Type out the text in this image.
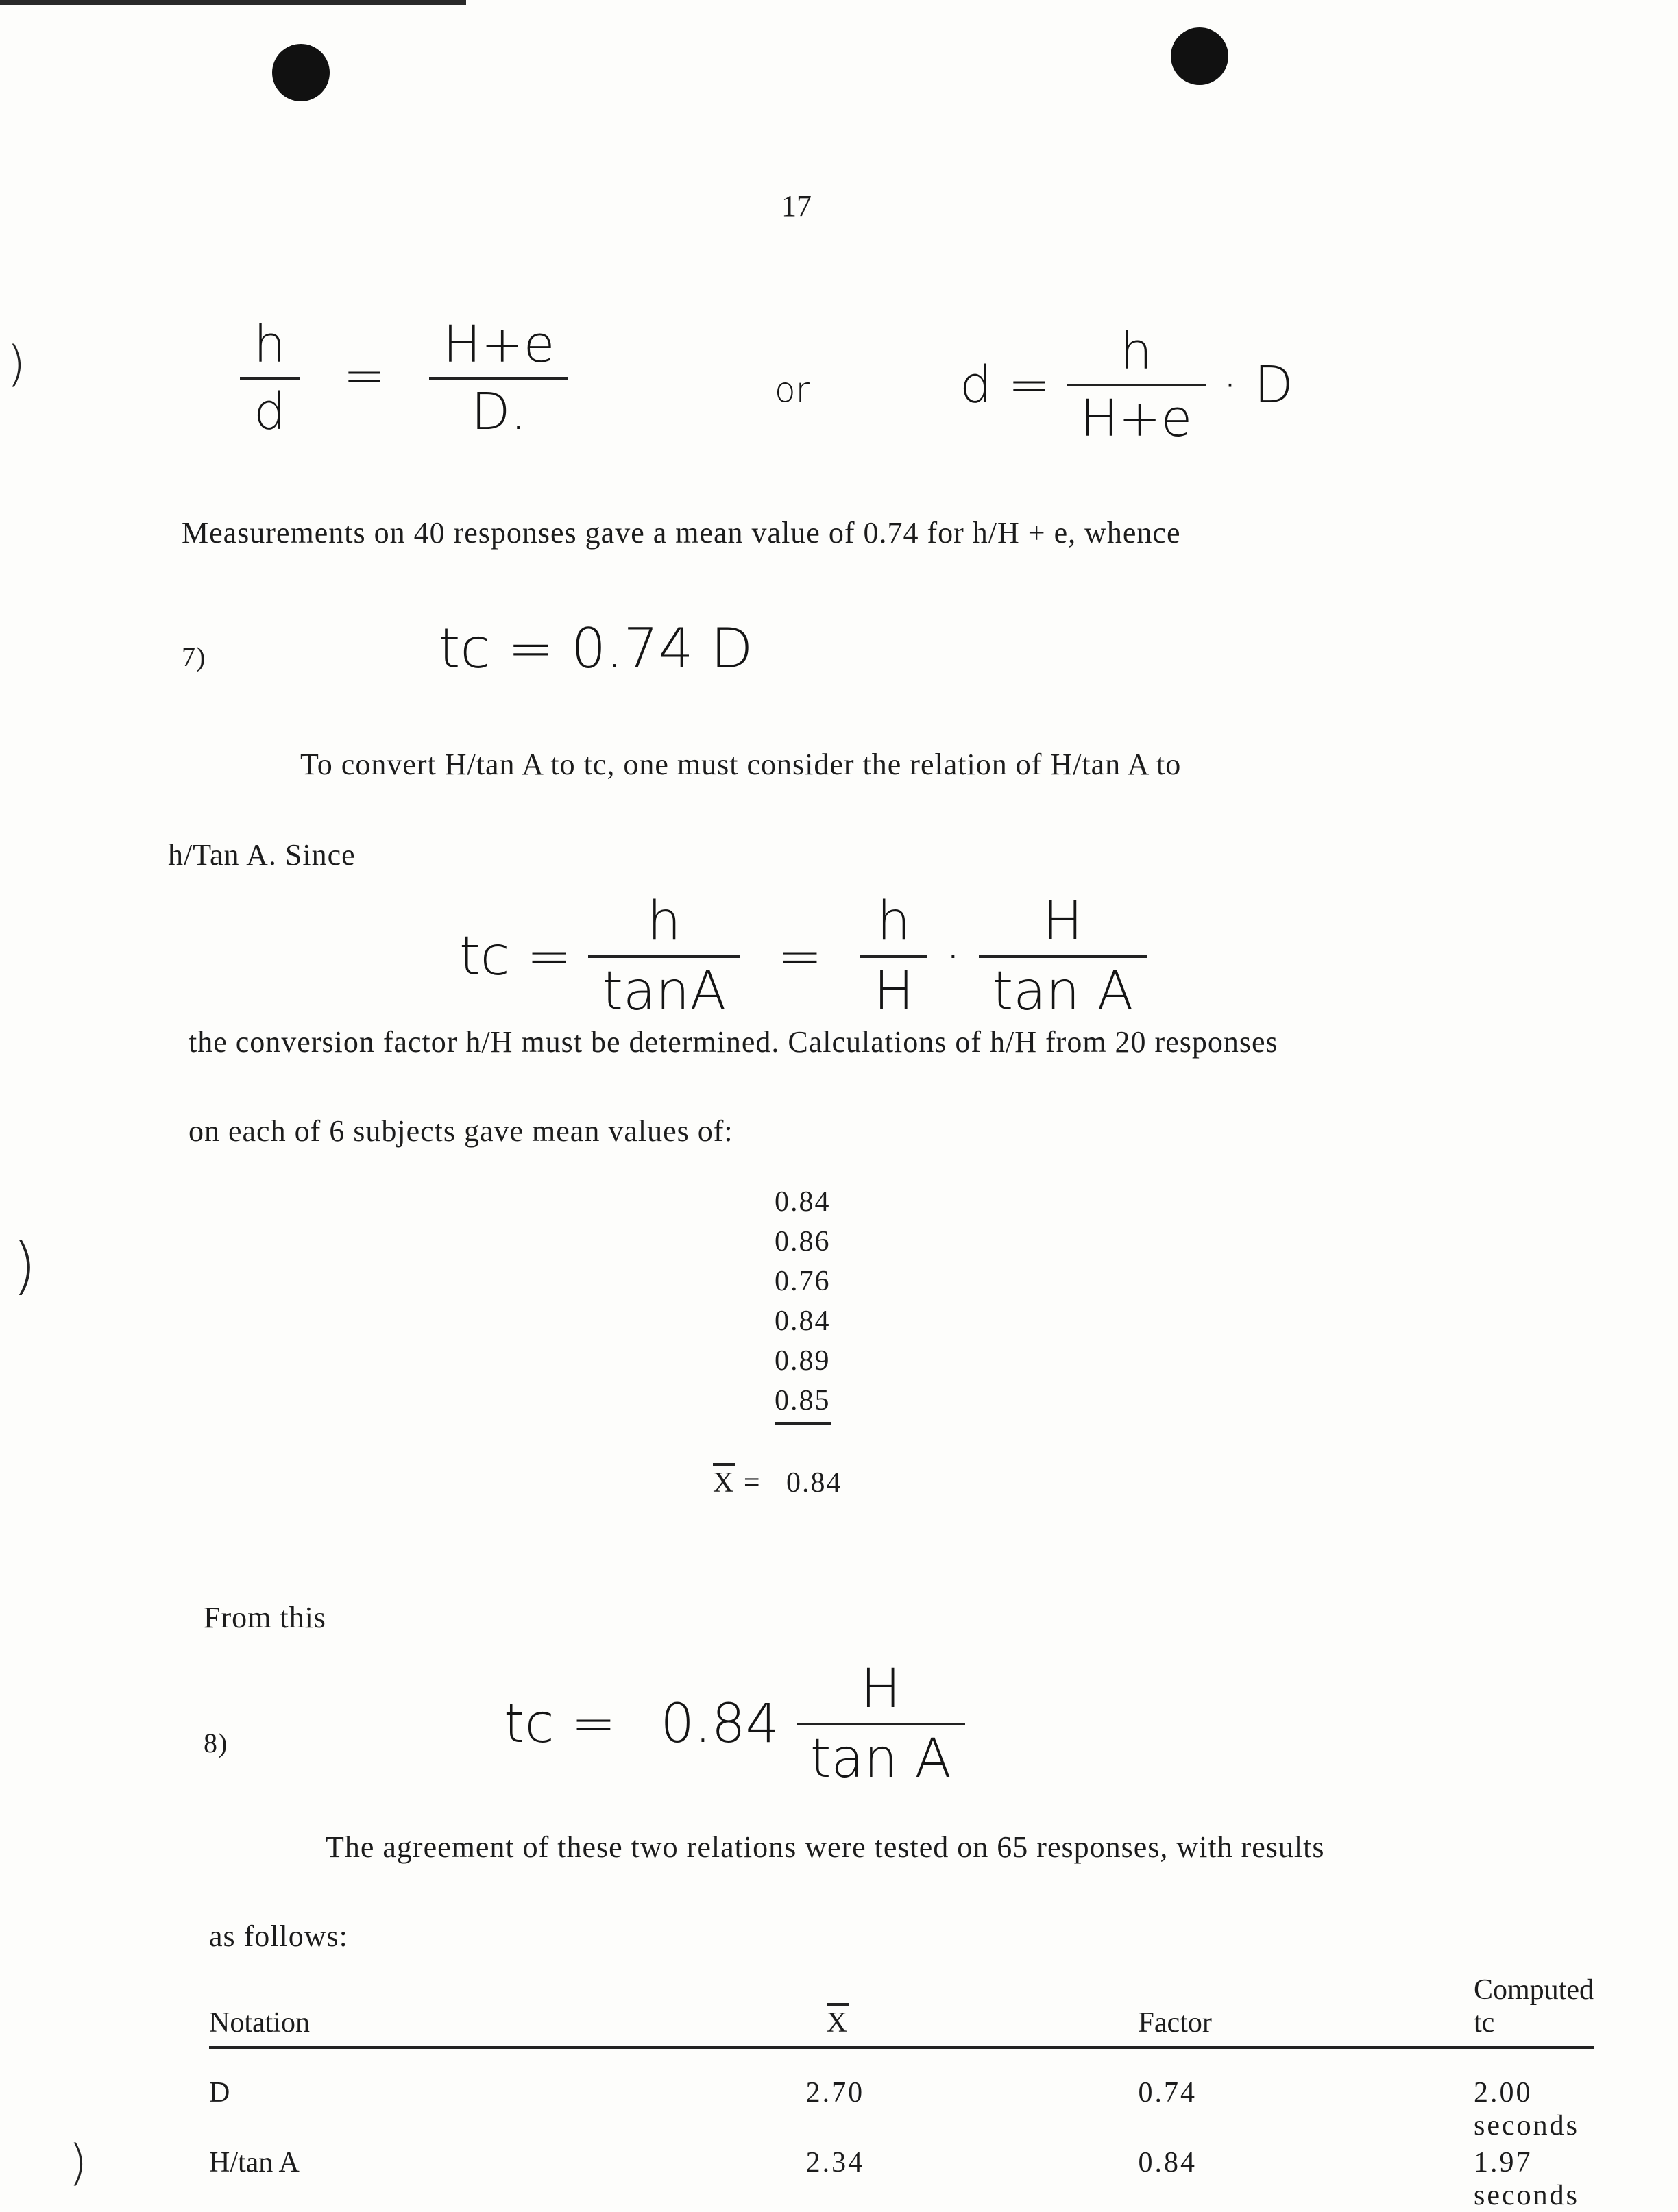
)
)
)
17
$\frac{h}{d} = \frac{H+e}{D.}$	or	$d = \frac{h}{H+e} \cdot D$
Measurements on 40 responses gave a mean value of 0.74 for h/H + e, whence
7)	tc = 0.74 D
To convert H/tan A to tc, one must consider the relation of H/tan A to
h/Tan A. Since
tc = $\frac{h}{\tan A} = \frac{h}{H} \cdot \frac{H}{\text{tan A}}$
the conversion factor h/H must be determined. Calculations of h/H from 20 responses
on each of 6 subjects gave mean values of:
0.84
0.86
0.76
0.84
0.89
0.85
X = 0.84
From this
8)	tc = $0.84 \frac{H}{\text{tan A}}$
The agreement of these two relations were tested on 65 responses, with results
as follows:
Notation	X	Factor	Computed tc
D	2.70	0.74	2.00 seconds
H/tan A	2.34	0.84	1.97 seconds
